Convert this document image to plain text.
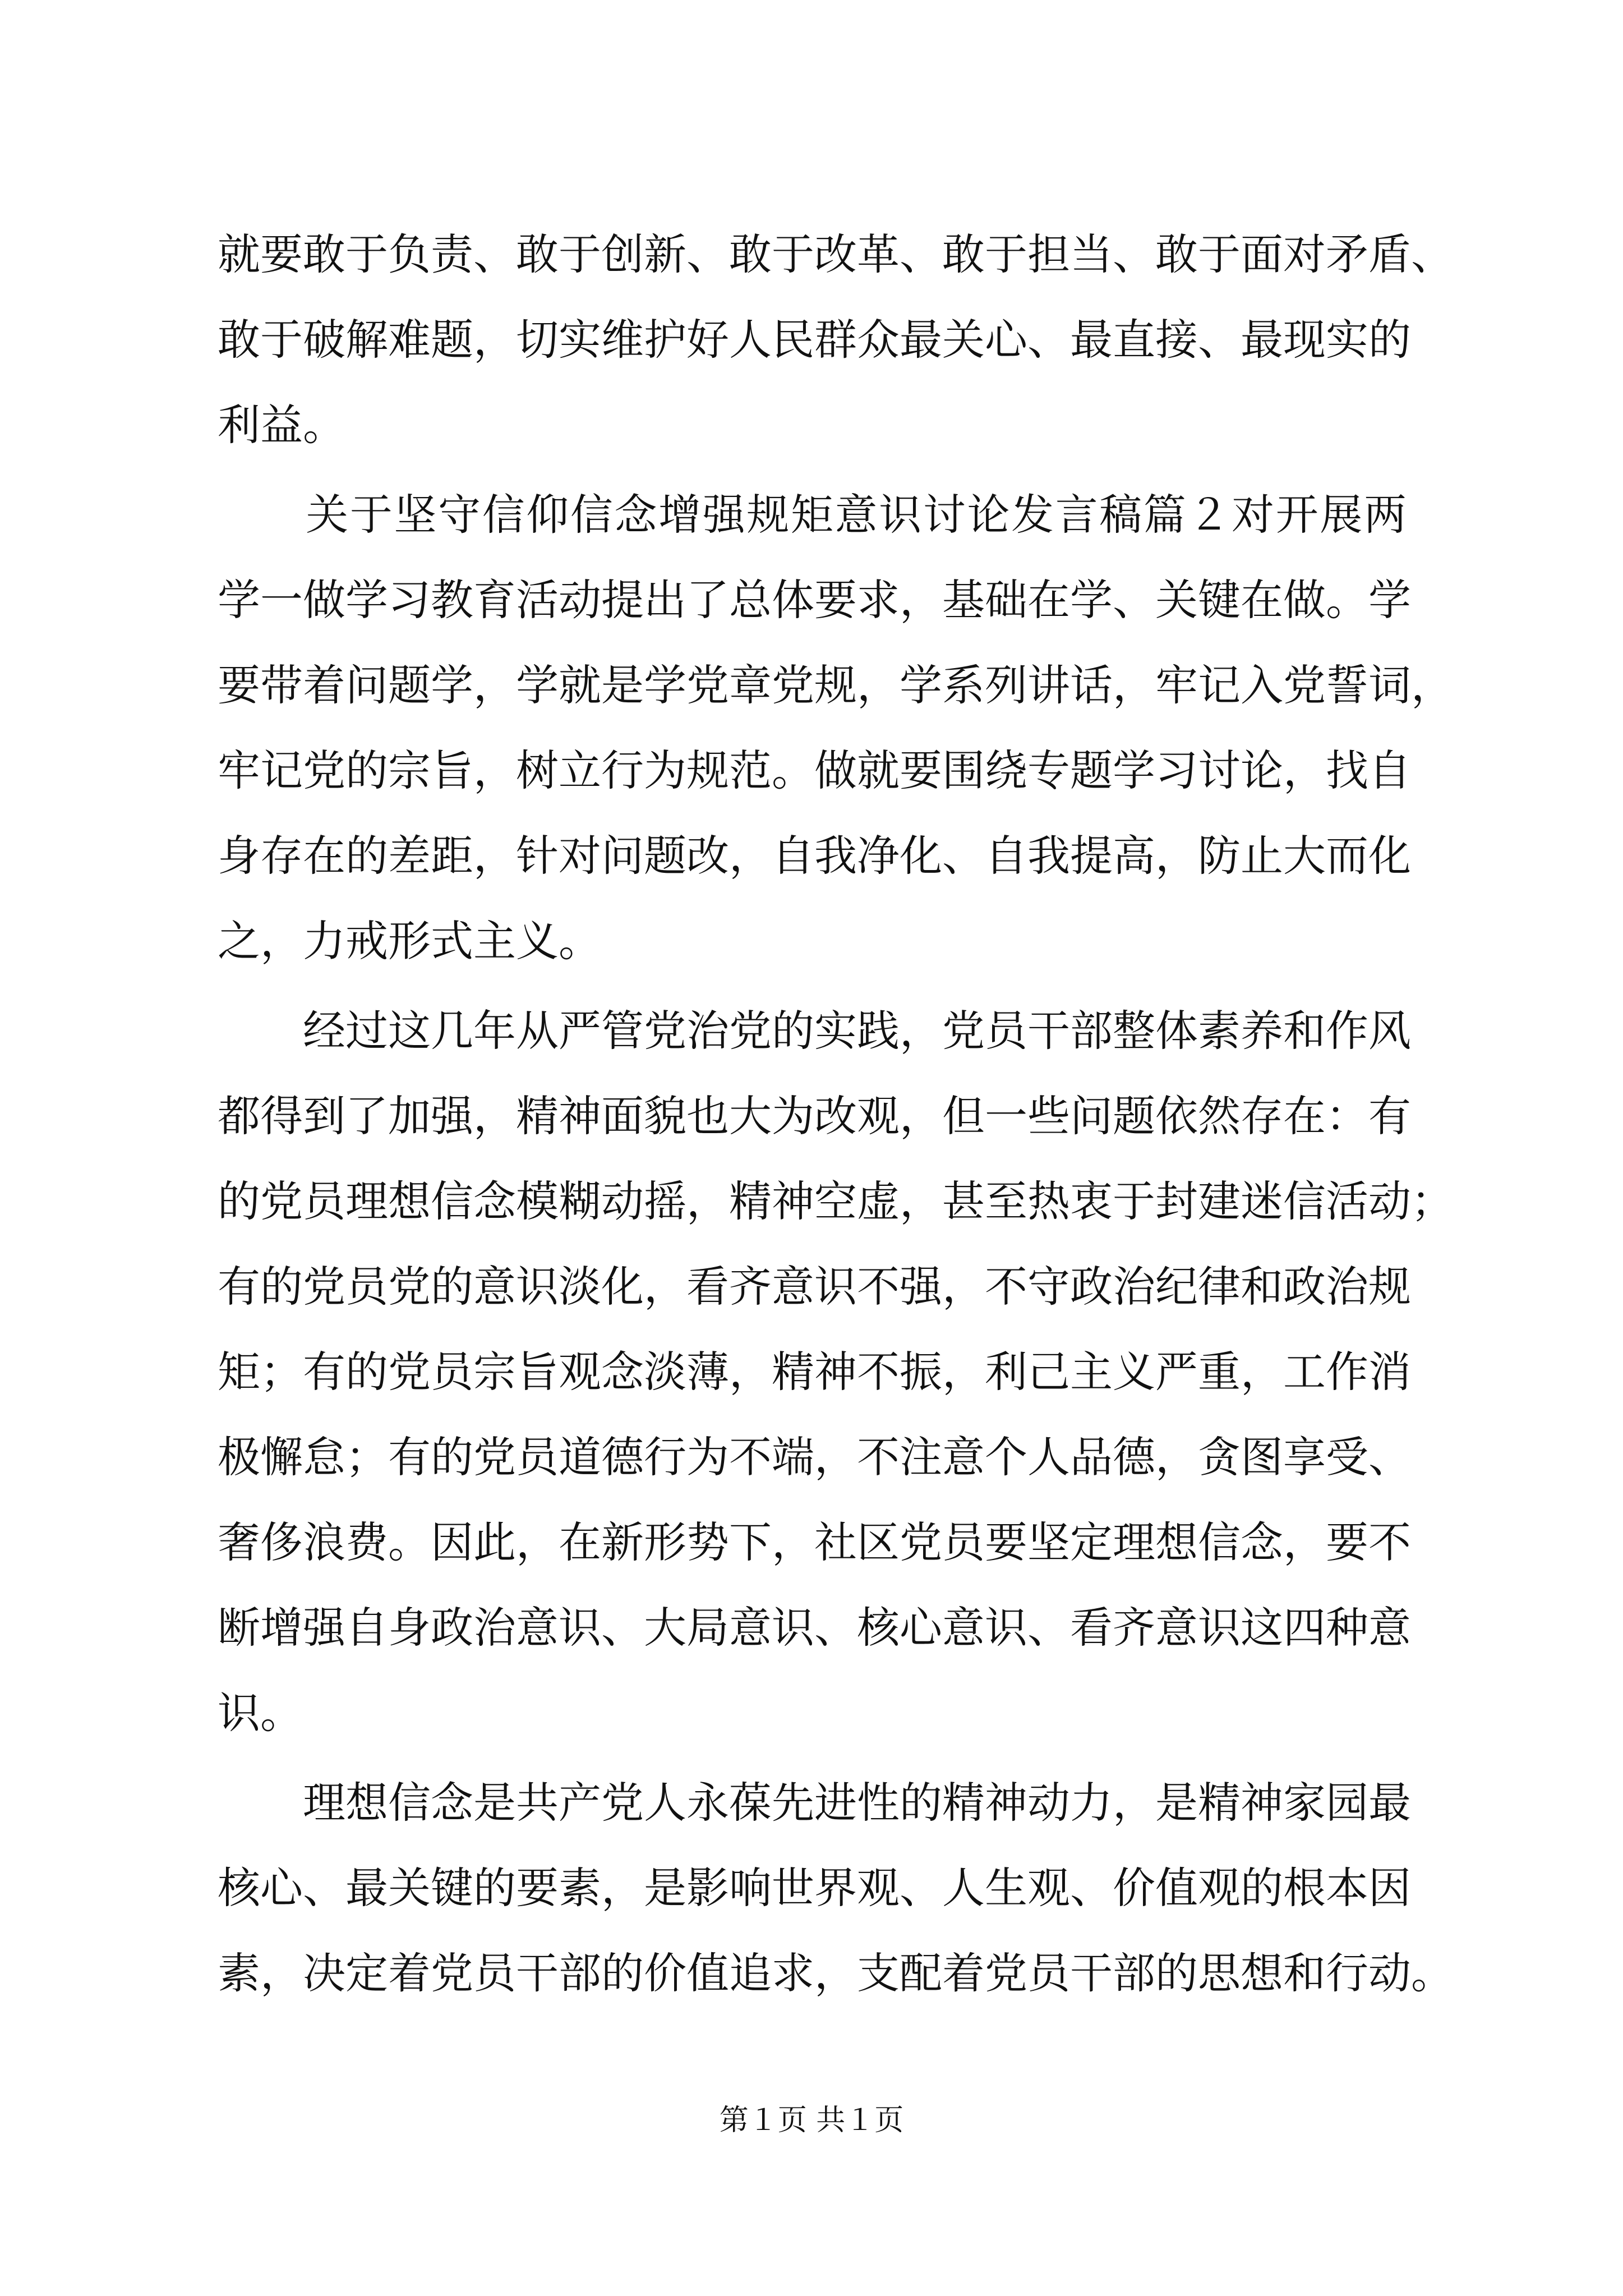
就要敢于负责、敢于创新、敢于改革、敢于担当、敢于面对矛盾、
敢于破解难题，切实维护好人民群众最关心、最直接、最现实的
利益。
　　关于坚守信仰信念增强规矩意识讨论发言稿篇２对开展两
学一做学习教育活动提出了总体要求，基础在学、关键在做。学
要带着问题学，学就是学党章党规，学系列讲话，牢记入党誓词，
牢记党的宗旨，树立行为规范。做就要围绕专题学习讨论，找自
身存在的差距，针对问题改，自我净化、自我提高，防止大而化
之，力戒形式主义。
　　经过这几年从严管党治党的实践，党员干部整体素养和作风
都得到了加强，精神面貌也大为改观，但一些问题依然存在：有
的党员理想信念模糊动摇，精神空虚，甚至热衷于封建迷信活动；
有的党员党的意识淡化，看齐意识不强，不守政治纪律和政治规
矩；有的党员宗旨观念淡薄，精神不振，利己主义严重，工作消
极懈怠；有的党员道德行为不端，不注意个人品德，贪图享受、
奢侈浪费。因此，在新形势下，社区党员要坚定理想信念，要不
断增强自身政治意识、大局意识、核心意识、看齐意识这四种意
识。
　　理想信念是共产党人永葆先进性的精神动力，是精神家园最
核心、最关键的要素，是影响世界观、人生观、价值观的根本因
素，决定着党员干部的价值追求，支配着党员干部的思想和行动。
第１页 共１页
